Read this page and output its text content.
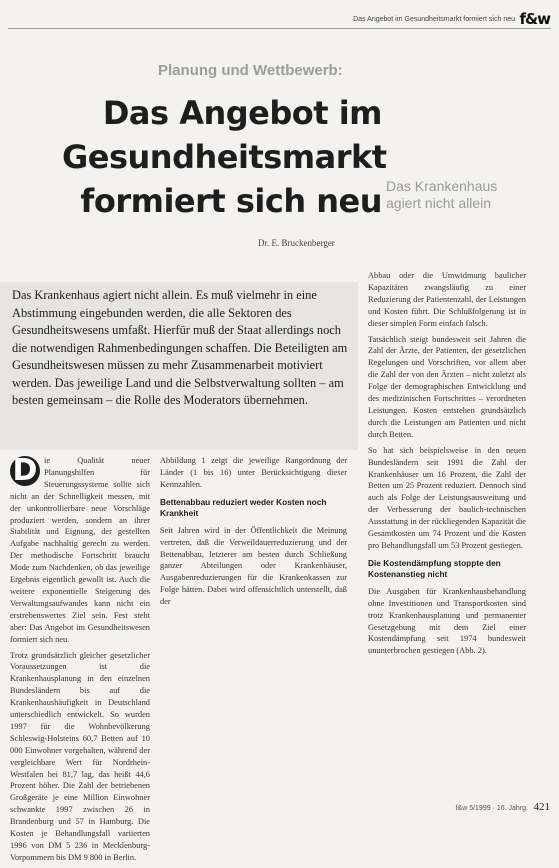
Das Angebot im Gesundheitsmarkt formiert sich neu f&w
Planung und Wettbewerb:
Das Angebot im Gesundheitsmarkt formiert sich neu Das Krankenhaus agiert nicht allein
Dr. E. Bruckenberger
Das Krankenhaus agiert nicht allein. Es muß vielmehr in eine Abstimmung eingebunden werden, die alle Sektoren des Gesundheitswesens umfaßt. Hierfür muß der Staat allerdings noch die notwendigen Rahmenbedingungen schaffen. Die Beteiligten am Gesundheitswesen müssen zu mehr Zusammenarbeit motiviert werden. Das jeweilige Land und die Selbstverwaltung sollten – am besten gemeinsam – die Rolle des Moderators übernehmen.

D ie Qualität neuer Planungshilfen für Steuerungssysteme sollte sich nicht an der Schnelligkeit messen, mit der unkontrollierbare neue Vorschläge produziert werden, sondern an ihrer Stabilität und Eignung, der gestellten Aufgabe nachhaltig gerecht zu werden. Der methodische Fortschritt braucht Mode zum Nachdenken, ob das jeweilige Ergebnis eigentlich gewollt ist. Auch die weitere exponentielle Steigerung des Verwaltungsaufwandes kann nicht ein erstrebenswertes Ziel sein. Fest steht aber: Das Angebot im Gesundheitswesen formiert sich neu.

Trotz grundsätzlich gleicher gesetzlicher Voraussetzungen ist die Krankenhausplanung in den einzelnen Bundesländern bis auf die Krankenhaushäufigkeit in Deutschland unterschiedlich entwickelt. So wurden 1997 für die Wohnbevölkerung Schleswig-Holsteins 60,7 Betten auf 10 000 Einwohner vorgehalten, während der vergleichbare Wert für Nordrhein-Westfalen bei 81,7 lag, das heißt 44,6 Prozent höher. Die Zahl der betriebenen Großgeräte je eine Million Einwohner schwankte 1997 zwischen 26 in Brandenburg und 57 in Hamburg. Die Kosten je Behandlungsfall variierten 1996 von DM 5 236 in Mecklenburg-Vorpommern bis DM 9 800 in Berlin.

Abbildung 1 zeigt die jeweilige Rangordnung der Länder (1 bis 16) unter Berücksichtigung dieser Kennzahlen.

Bettenabbau reduziert weder Kosten noch Krankheit

Seit Jahren wird in der Öffentlichkeit die Meinung vertreten, daß die Verweildauerreduzierung und der Bettenabbau, letzterer am besten durch Schließung ganzer Abteilungen oder Krankenhäuser, Ausgabenreduzierungen für die Krankenkassen zur Folge hätten. Dabei wird offensichtlich unterstellt, daß der

Abbau oder die Umwidmung baulicher Kapazitäten zwangsläufig zu einer Reduzierung der Patientenzahl, der Leistungen und Kosten führt. Die Schlußfolgerung ist in dieser simplen Form einfach falsch.

Tatsächlich steigt bundesweit seit Jahren die Zahl der Ärzte, der Patienten, der gesetzlichen Regelungen und Vorschriften, vor allem aber die Zahl der von den Ärzten – nicht zuletzt als Folge der demographischen Entwicklung und des medizinischen Fortschrittes – verordneten Leistungen. Kosten entstehen grundsätzlich durch die Leistungen am Patienten und nicht durch Betten.

So hat sich beispielsweise in den neuen Bundesländern seit 1991 die Zahl der Krankenhäuser um 16 Prozent, die Zahl der Betten um 25 Prozent reduziert. Dennoch sind auch als Folge der Leistungsausweitung und der Verbesserung der baulich-technischen Ausstattung in der rückliegenden Kapazität die Gesamtkosten um 74 Prozent und die Kosten pro Behandlungsfall um 53 Prozent gestiegen.

Die Kostendämpfung stoppte den Kostenanstieg nicht

Die Ausgaben für Krankenhausbehandlung ohne Investitionen und Transportkosten sind trotz Krankenhausplanung und permanenter Gesetzgebung mit dem Ziel einer Kostendämpfung seit 1974 bundesweit ununterbrochen gestiegen (Abb. 2).

f&w 5/1999 · 16. Jahrg. 421
